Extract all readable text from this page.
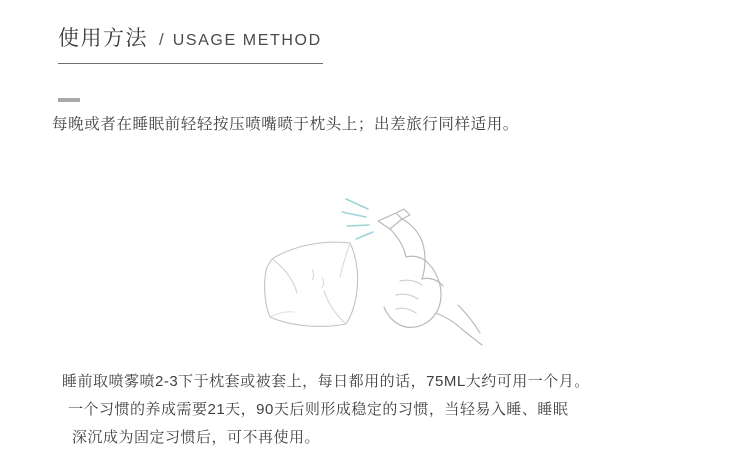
使用方法 / USAGE METHOD
每晚或者在睡眠前轻轻按压喷嘴喷于枕头上；出差旅行同样适用。
睡前取喷雾喷2-3下于枕套或被套上，每日都用的话，75ML大约可用一个月。
一个习惯的养成需要21天，90天后则形成稳定的习惯，当轻易入睡、睡眠
深沉成为固定习惯后，可不再使用。
